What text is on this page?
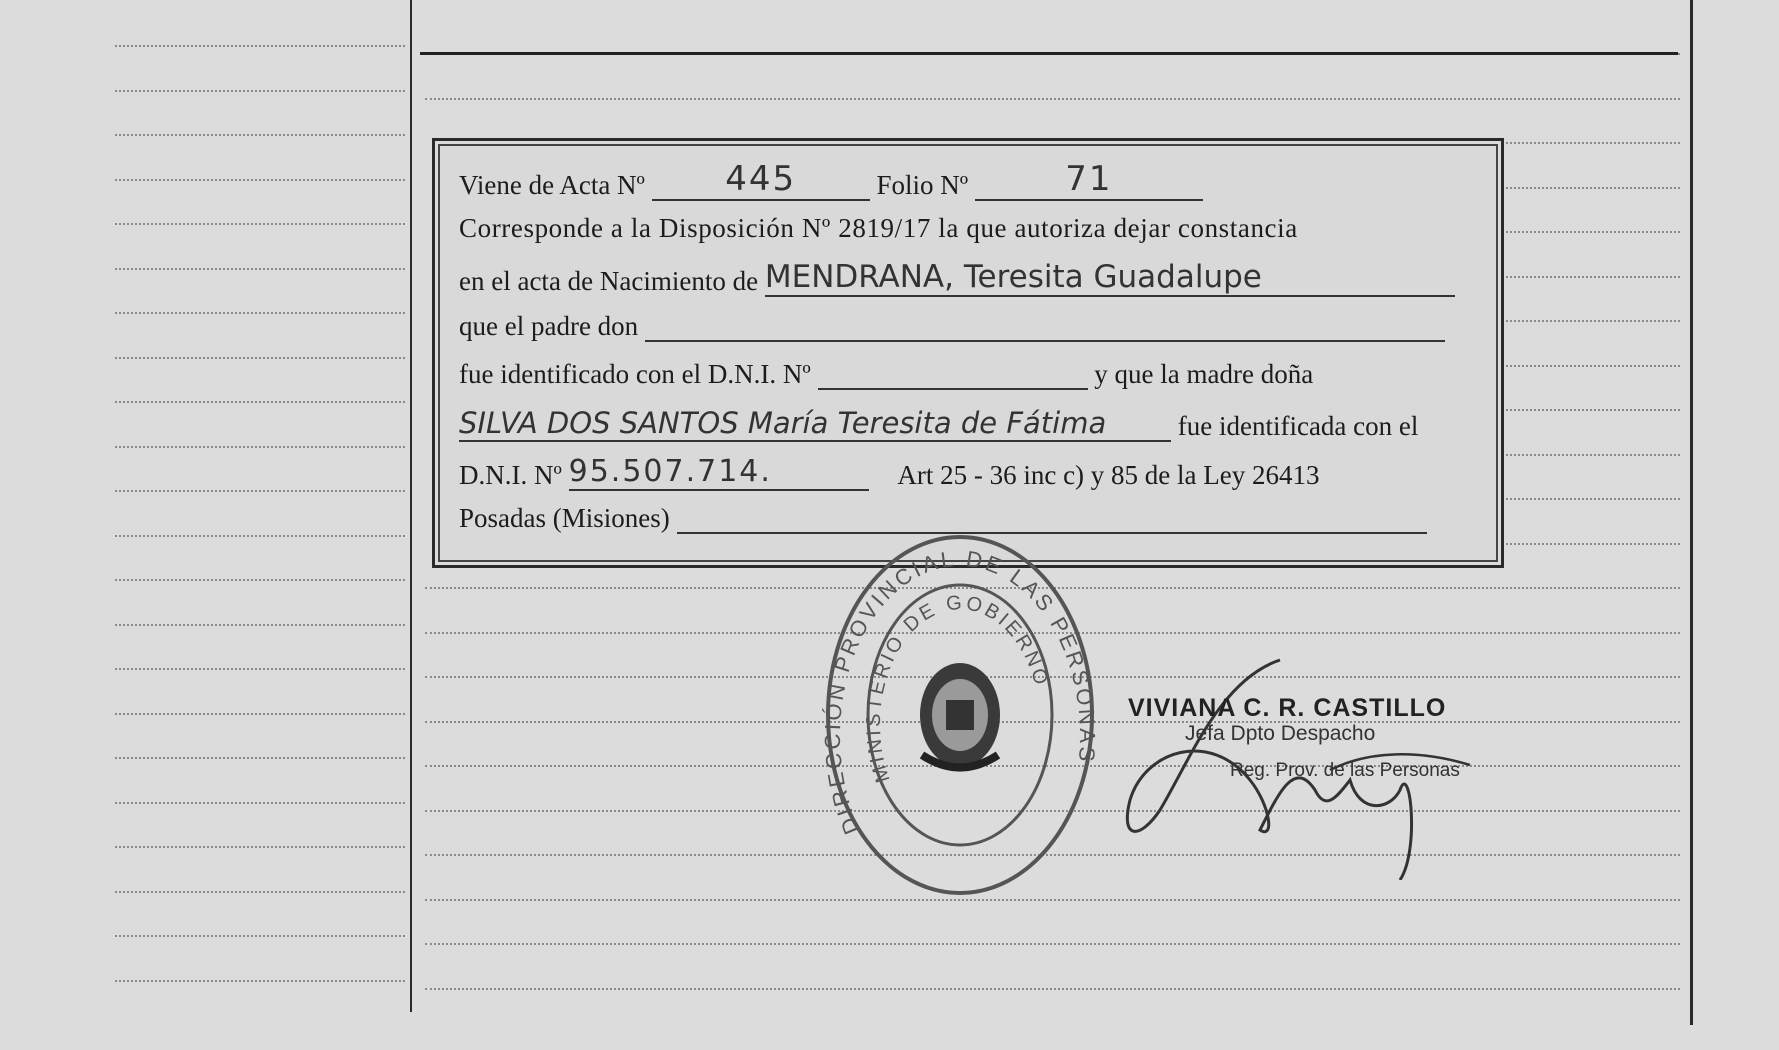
Viene de Acta Nº 445	Folio Nº	71
Corresponde a la Disposición Nº 2819/17 la que autoriza dejar constancia
en el acta de Nacimiento de MENDRANA, Teresita Guadalupe
que el padre don
fue identificado con el D.N.I. Nº	y que la madre doña
SILVA DOS SANTOS María Teresita de Fátima	fue identificada con el
D.N.I. Nº 95.507.714.	Art 25 - 36 inc c) y 85 de la Ley 26413
Posadas (Misiones)
DIRECCIÓN PROVINCIAL DE LAS PERSONAS
MINISTERIO DE GOBIERNO
VIVIANA C. R. CASTILLO
Jefa Dpto Despacho
Reg. Prov. de las Personas
